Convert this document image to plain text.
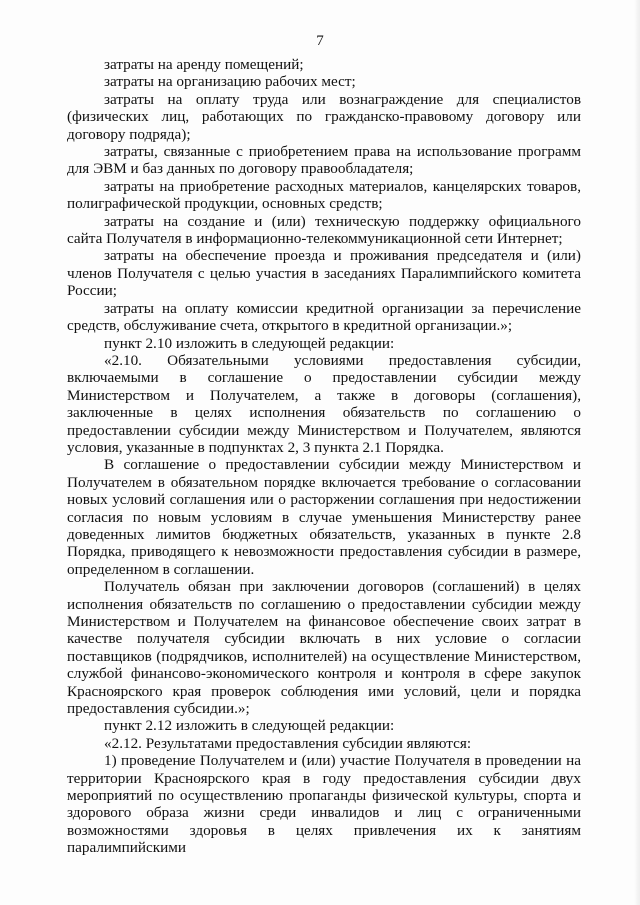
7

затраты на аренду помещений;

затраты на организацию рабочих мест;

затраты на оплату труда или вознаграждение для специалистов (физических лиц, работающих по гражданско-правовому договору или договору подряда);

затраты, связанные с приобретением права на использование программ для ЭВМ и баз данных по договору правообладателя;

затраты на приобретение расходных материалов, канцелярских товаров, полиграфической продукции, основных средств;

затраты на создание и (или) техническую поддержку официального сайта Получателя в информационно-телекоммуникационной сети Интернет;

затраты на обеспечение проезда и проживания председателя и (или) членов Получателя с целью участия в заседаниях Паралимпийского комитета России;

затраты на оплату комиссии кредитной организации за перечисление средств, обслуживание счета, открытого в кредитной организации.»;

пункт 2.10 изложить в следующей редакции:

«2.10. Обязательными условиями предоставления субсидии, включаемыми в соглашение о предоставлении субсидии между Министерством и Получателем, а также в договоры (соглашения), заключенные в целях исполнения обязательств по соглашению о предоставлении субсидии между Министерством и Получателем, являются условия, указанные в подпунктах 2, 3 пункта 2.1 Порядка.

В соглашение о предоставлении субсидии между Министерством и Получателем в обязательном порядке включается требование о согласовании новых условий соглашения или о расторжении соглашения при недостижении согласия по новым условиям в случае уменьшения Министерству ранее доведенных лимитов бюджетных обязательств, указанных в пункте 2.8 Порядка, приводящего к невозможности предоставления субсидии в размере, определенном в соглашении.

Получатель обязан при заключении договоров (соглашений) в целях исполнения обязательств по соглашению о предоставлении субсидии между Министерством и Получателем на финансовое обеспечение своих затрат в качестве получателя субсидии включать в них условие о согласии поставщиков (подрядчиков, исполнителей) на осуществление Министерством, службой финансово-экономического контроля и контроля в сфере закупок Красноярского края проверок соблюдения ими условий, цели и порядка предоставления субсидии.»;

пункт 2.12 изложить в следующей редакции:

«2.12. Результатами предоставления субсидии являются:

1) проведение Получателем и (или) участие Получателя в проведении на территории Красноярского края в году предоставления субсидии двух мероприятий по осуществлению пропаганды физической культуры, спорта и здорового образа жизни среди инвалидов и лиц с ограниченными возможностями здоровья в целях привлечения их к занятиям паралимпийскими
